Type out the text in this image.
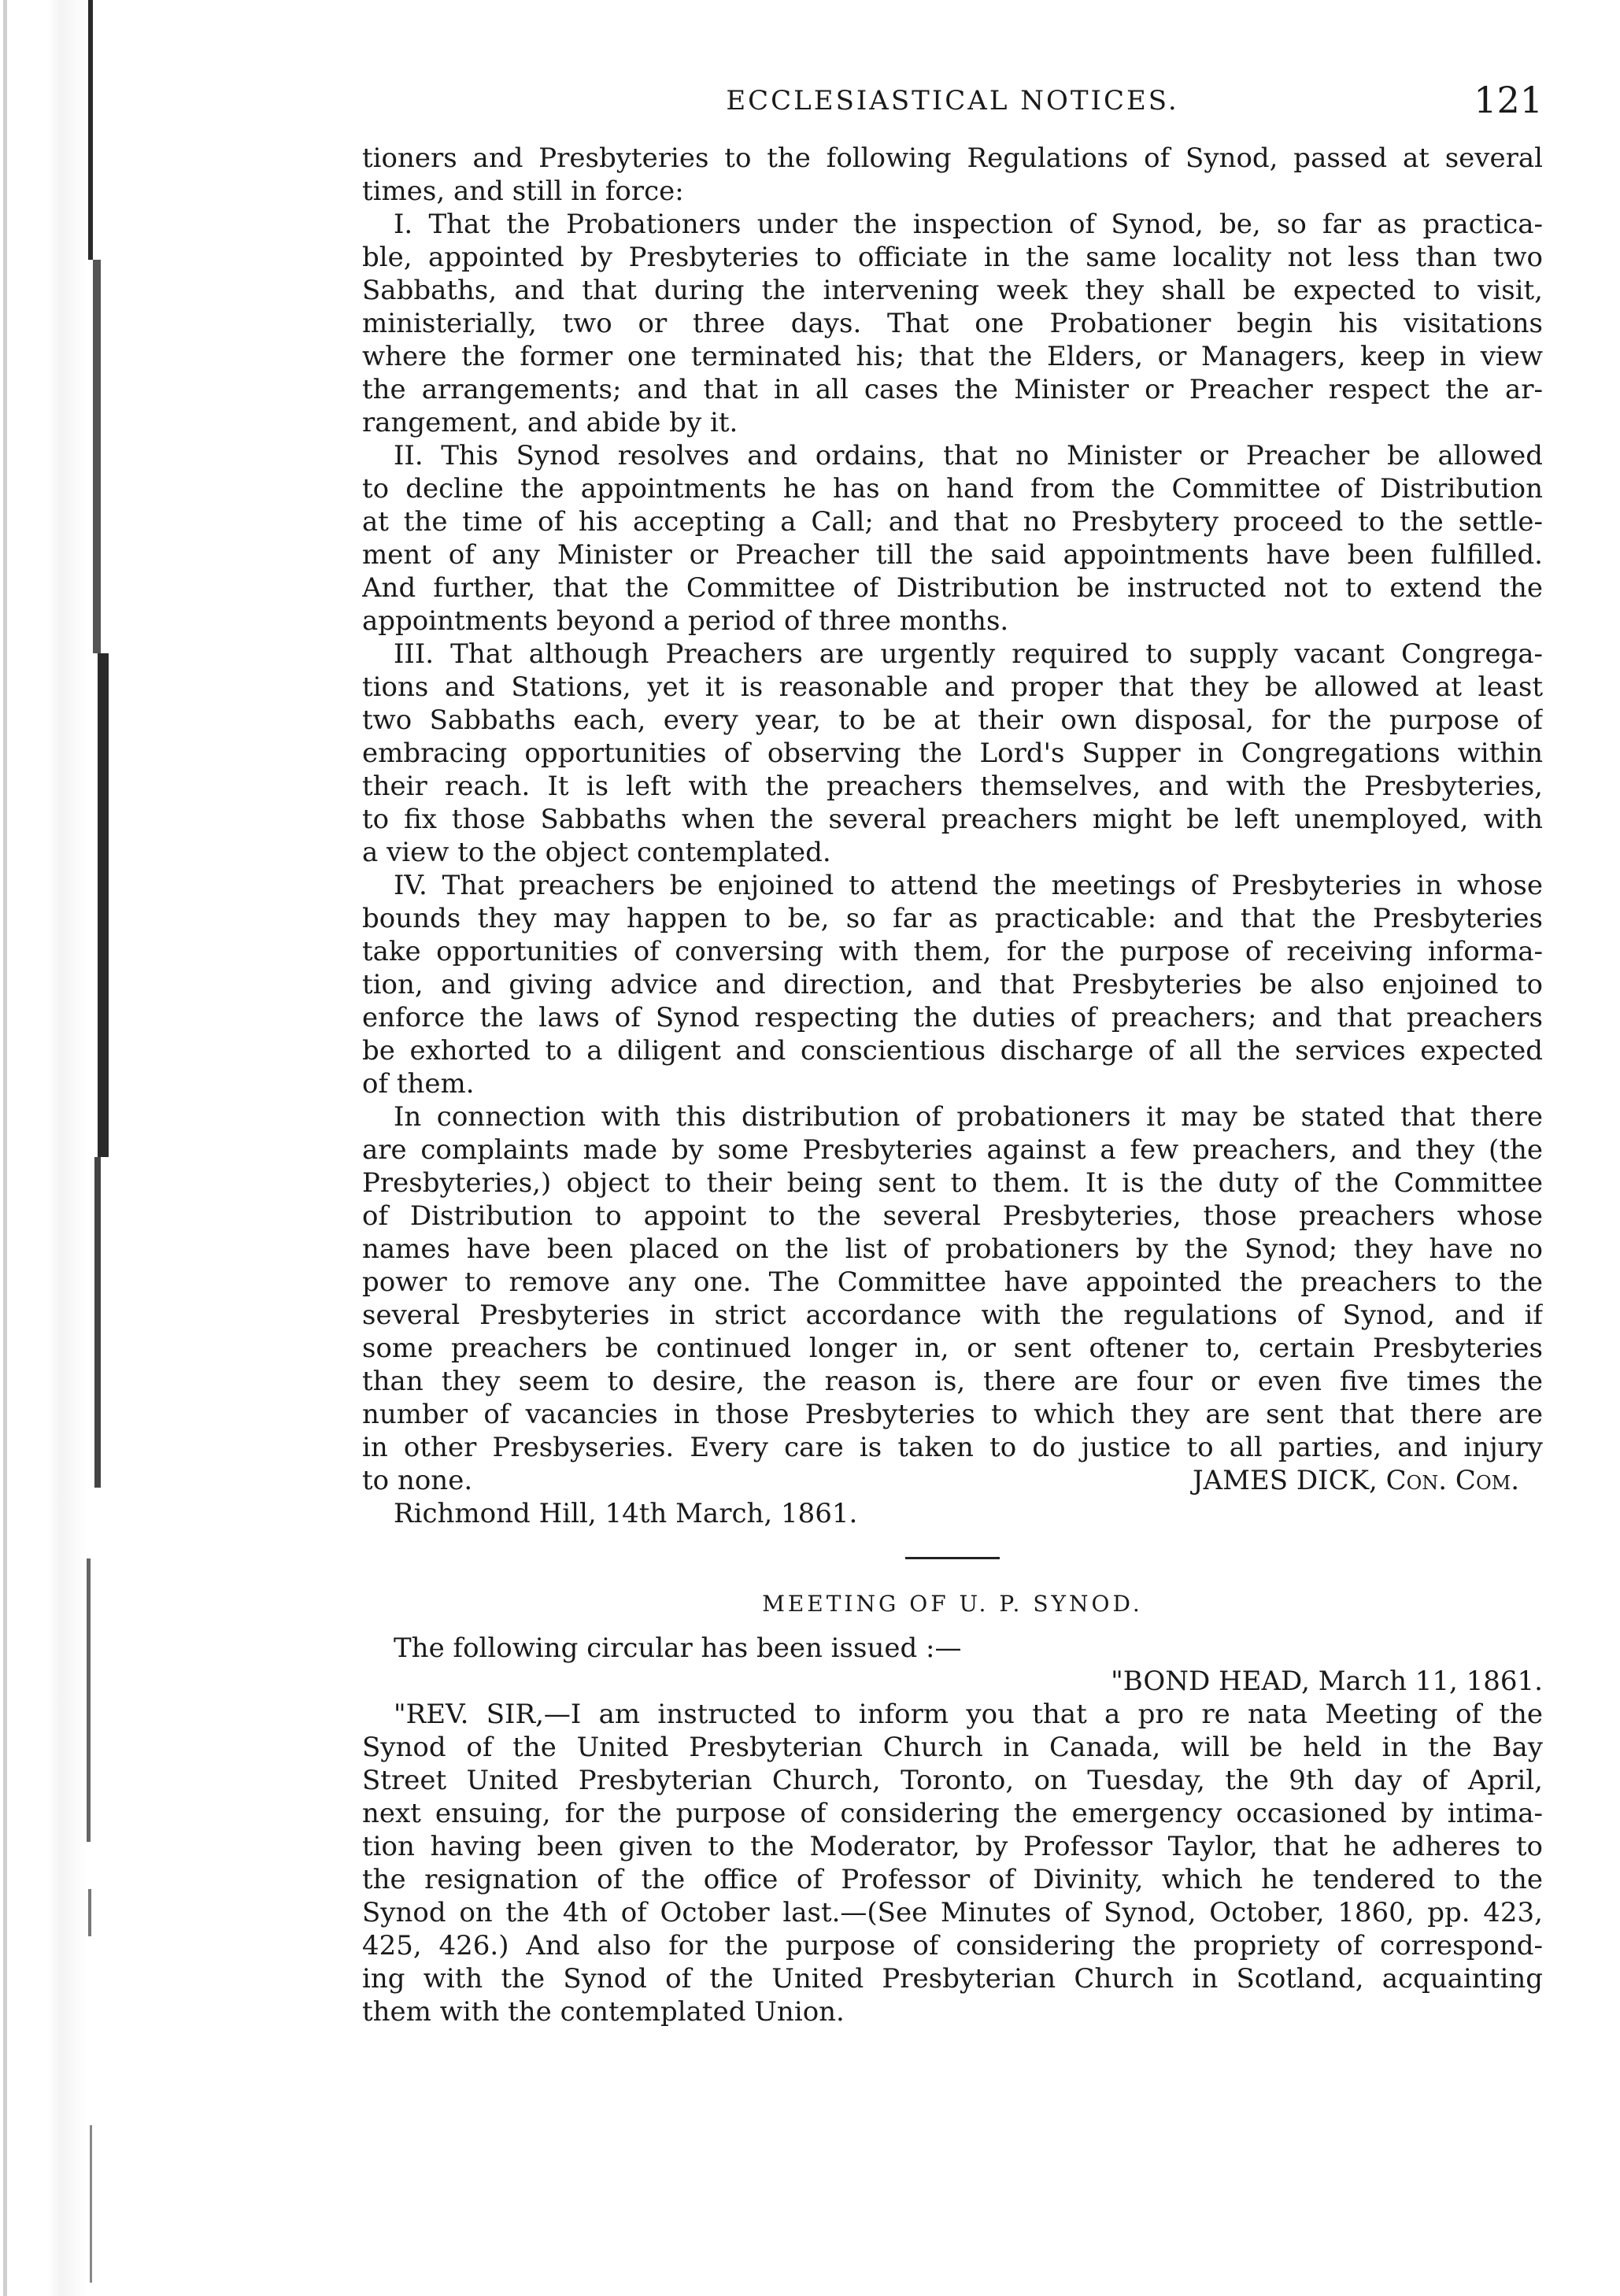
ECCLESIASTICAL NOTICES.	121
tioners and Presbyteries to the following Regulations of Synod, passed at several
times, and still in force:
I. That the Probationers under the inspection of Synod, be, so far as practica-
ble, appointed by Presbyteries to officiate in the same locality not less than two
Sabbaths, and that during the intervening week they shall be expected to visit,
ministerially, two or three days. That one Probationer begin his visitations
where the former one terminated his; that the Elders, or Managers, keep in view
the arrangements; and that in all cases the Minister or Preacher respect the ar-
rangement, and abide by it.
II. This Synod resolves and ordains, that no Minister or Preacher be allowed
to decline the appointments he has on hand from the Committee of Distribution
at the time of his accepting a Call; and that no Presbytery proceed to the settle-
ment of any Minister or Preacher till the said appointments have been fulfilled.
And further, that the Committee of Distribution be instructed not to extend the
appointments beyond a period of three months.
III. That although Preachers are urgently required to supply vacant Congrega-
tions and Stations, yet it is reasonable and proper that they be allowed at least
two Sabbaths each, every year, to be at their own disposal, for the purpose of
embracing opportunities of observing the Lord's Supper in Congregations within
their reach. It is left with the preachers themselves, and with the Presbyteries,
to fix those Sabbaths when the several preachers might be left unemployed, with
a view to the object contemplated.
IV. That preachers be enjoined to attend the meetings of Presbyteries in whose
bounds they may happen to be, so far as practicable: and that the Presbyteries
take opportunities of conversing with them, for the purpose of receiving informa-
tion, and giving advice and direction, and that Presbyteries be also enjoined to
enforce the laws of Synod respecting the duties of preachers; and that preachers
be exhorted to a diligent and conscientious discharge of all the services expected
of them.
In connection with this distribution of probationers it may be stated that there
are complaints made by some Presbyteries against a few preachers, and they (the
Presbyteries,) object to their being sent to them. It is the duty of the Committee
of Distribution to appoint to the several Presbyteries, those preachers whose
names have been placed on the list of probationers by the Synod; they have no
power to remove any one. The Committee have appointed the preachers to the
several Presbyteries in strict accordance with the regulations of Synod, and if
some preachers be continued longer in, or sent oftener to, certain Presbyteries
than they seem to desire, the reason is, there are four or even five times the
number of vacancies in those Presbyteries to which they are sent that there are
in other Presbyseries. Every care is taken to do justice to all parties, and injury
to none.	JAMES DICK, Con. Com.
Richmond Hill, 14th March, 1861.
MEETING OF U. P. SYNOD.
The following circular has been issued :—
"BOND HEAD, March 11, 1861.
"REV. SIR,—I am instructed to inform you that a pro re nata Meeting of the
Synod of the United Presbyterian Church in Canada, will be held in the Bay
Street United Presbyterian Church, Toronto, on Tuesday, the 9th day of April,
next ensuing, for the purpose of considering the emergency occasioned by intima-
tion having been given to the Moderator, by Professor Taylor, that he adheres to
the resignation of the office of Professor of Divinity, which he tendered to the
Synod on the 4th of October last.—(See Minutes of Synod, October, 1860, pp. 423,
425, 426.) And also for the purpose of considering the propriety of correspond-
ing with the Synod of the United Presbyterian Church in Scotland, acquainting
them with the contemplated Union.
